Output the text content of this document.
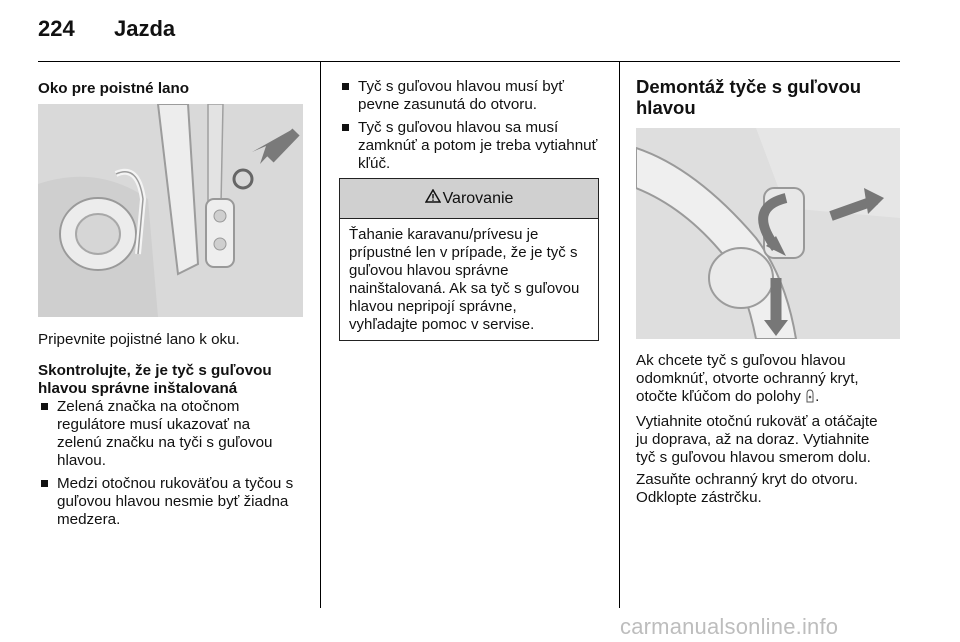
224 Jazda
Oko pre poistné lano
Pripevnite pojistné lano k oku.
Skontrolujte, že je tyč s guľovou
hlavou správne inštalovaná
Zelená značka na otočnom
regulátore musí ukazovať na
zelenú značku na tyči s guľovou
hlavou.
Medzi otočnou rukoväťou a tyčou s
guľovou hlavou nesmie byť žiadna
medzera.
Tyč s guľovou hlavou musí byť
pevne zasunutá do otvoru.
Tyč s guľovou hlavou sa musí
zamknúť a potom je treba vytiahnuť
kľúč.
Varovanie
Ťahanie karavanu/prívesu je
prípustné len v prípade, že je tyč s
guľovou hlavou správne
nainštalovaná. Ak sa tyč s guľovou
hlavou nepripojí správne,
vyhľadajte pomoc v servise.
Demontáž tyče s guľovou
hlavou
Ak chcete tyč s guľovou hlavou
odomknúť, otvorte ochranný kryt,
otočte kľúčom do polohy .
Vytiahnite otočnú rukoväť a otáčajte
ju doprava, až na doraz. Vytiahnite
tyč s guľovou hlavou smerom dolu.
Zasuňte ochranný kryt do otvoru.
Odklopte zástrčku.
carmanualsonline.info
